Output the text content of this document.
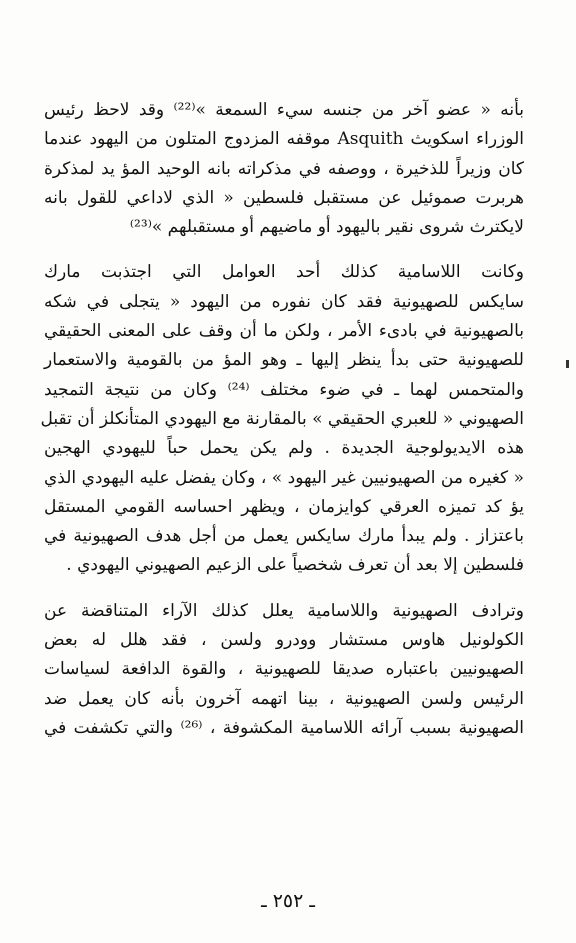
بأنه « عضو آخر من جنسه سيء السمعة »⁽²²⁾ وقد لاحظ رئيس
الوزراء اسكويث Asquith موقفه المزدوج المتلون من اليهود عندما
كان وزيراً للذخيرة ، ووصفه في مذكراته بانه الوحيد المؤ يد لمذكرة
هربرت صموئيل عن مستقبل فلسطين « الذي لاداعي للقول بانه
لايكترث شروى نقير باليهود أو ماضيهم أو مستقبلهم »⁽²³⁾
وكانت اللاسامية كذلك أحد العوامل التي اجتذبت مارك
سايكس للصهيونية فقد كان نفوره من اليهود « يتجلى في شكه
بالصهيونية في بادىء الأمر ، ولكن ما أن وقف على المعنى الحقيقي
للصهيونية حتى بدأ ينظر إليها ـ وهو المؤ من بالقومية والاستعمار
والمتحمس لهما ـ في ضوء مختلف ⁽²⁴⁾ وكان من نتيجة التمجيد
الصهيوني « للعبري الحقيقي » بالمقارنة مع اليهودي المتأنكلز أن تقبل
هذه الايديولوجية الجديدة . ولم يكن يحمل حباً لليهودي الهجين
« كغيره من الصهيونيين غير اليهود » ، وكان يفضل عليه اليهودي الذي
يؤ كد تميزه العرقي كوايزمان ، ويظهر احساسه القومي المستقل
باعتزاز . ولم يبدأ مارك سايكس يعمل من أجل هدف الصهيونية في
فلسطين إلا بعد أن تعرف شخصياً على الزعيم الصهيوني اليهودي .
وترادف الصهيونية واللاسامية يعلل كذلك الآراء المتناقضة عن
الكولونيل هاوس مستشار وودرو ولسن ، فقد هلل له بعض
الصهيونيين باعتباره صديقا للصهيونية ، والقوة الدافعة لسياسات
الرئيس ولسن الصهيونية ، بينا اتهمه آخرون بأنه كان يعمل ضد
الصهيونية بسبب آرائه اللاسامية المكشوفة ، ⁽²⁶⁾ والتي تكشفت في
ـ ٢٥٢ ـ
